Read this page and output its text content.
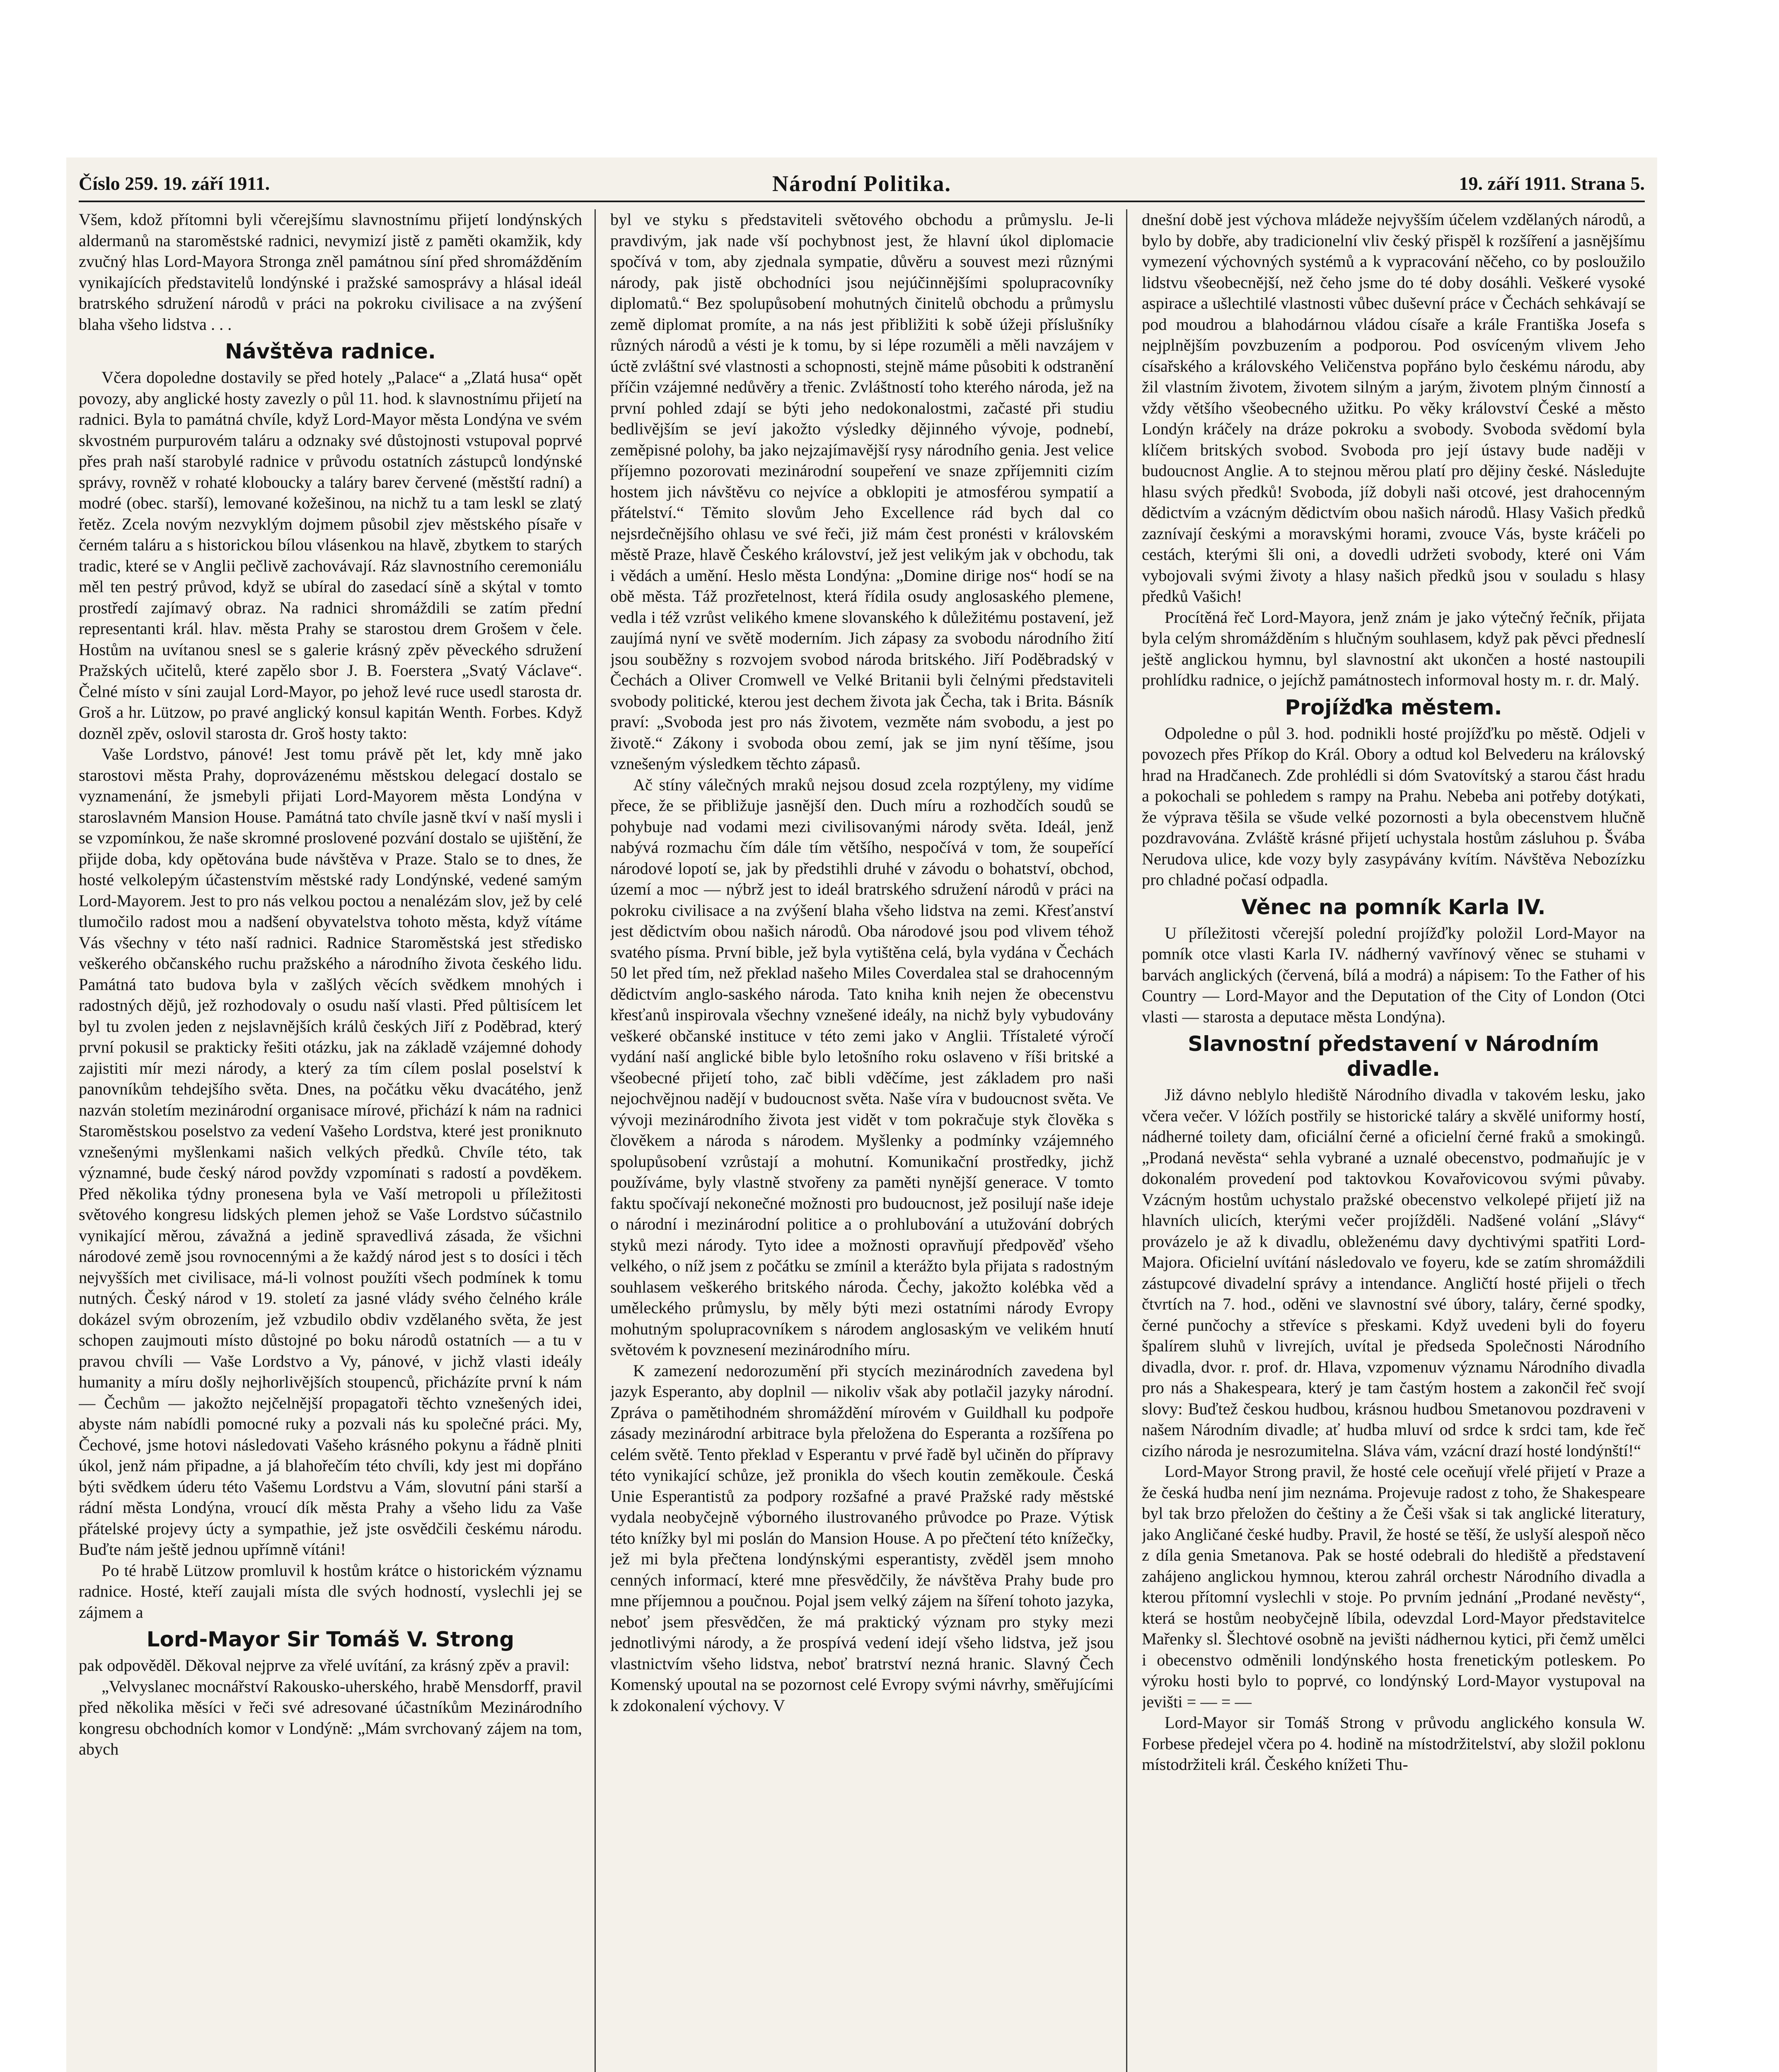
Číslo 259. 19. září 1911.	Národní Politika.	19. září 1911. Strana 5.

Všem, kdož přítomni byli včerejšímu slavnostnímu přijetí londýnských aldermanů na staroměstské radnici, nevymizí jistě z paměti okamžik, kdy zvučný hlas Lord-Mayora Stronga zněl památnou síní před shromážděním vynikajících představitelů londýnské i pražské samosprávy a hlásal ideál bratrského sdružení národů v práci na pokroku civilisace a na zvýšení blaha všeho lidstva . . .

Návštěva radnice.

Včera dopoledne dostavily se před hotely „Palace“ a „Zlatá husa“ opět povozy, aby anglické hosty zavezly o půl 11. hod. k slavnostnímu přijetí na radnici. Byla to památná chvíle, když Lord-Mayor města Londýna ve svém skvostném purpurovém taláru a odznaky své důstojnosti vstupoval poprvé přes prah naší starobylé radnice v průvodu ostatních zástupců londýnské správy, rovněž v rohaté kloboucky a taláry barev červené (městští radní) a modré (obec. starší), lemované kožešinou, na nichž tu a tam leskl se zlatý řetěz. Zcela novým nezvyklým dojmem působil zjev městského písaře v černém taláru a s historickou bílou vlásenkou na hlavě, zbytkem to starých tradic, které se v Anglii pečlivě zachovávají. Ráz slavnostního ceremoniálu měl ten pestrý průvod, když se ubíral do zasedací síně a skýtal v tomto prostředí zajímavý obraz. Na radnici shromáždili se zatím přední representanti král. hlav. města Prahy se starostou drem Grošem v čele. Hostům na uvítanou snesl se s galerie krásný zpěv pěveckého sdružení Pražských učitelů, které zapělo sbor J. B. Foerstera „Svatý Václave“. Čelné místo v síni zaujal Lord-Mayor, po jehož levé ruce usedl starosta dr. Groš a hr. Lützow, po pravé anglický konsul kapitán Wenth. Forbes. Když dozněl zpěv, oslovil starosta dr. Groš hosty takto:

Vaše Lordstvo, pánové! Jest tomu právě pět let, kdy mně jako starostovi města Prahy, doprovázenému městskou delegací dostalo se vyznamenání, že jsmebyli přijati Lord-Mayorem města Londýna v staroslavném Mansion House. Památná tato chvíle jasně tkví v naší mysli i se vzpomínkou, že naše skromné proslovené pozvání dostalo se ujištění, že přijde doba, kdy opětována bude návštěva v Praze. Stalo se to dnes, že hosté velkolepým účastenstvím městské rady Londýnské, vedené samým Lord-Mayorem. Jest to pro nás velkou poctou a nenalézám slov, jež by celé tlumočilo radost mou a nadšení obyvatelstva tohoto města, když vítáme Vás všechny v této naší radnici. Radnice Staroměstská jest středisko veškerého občanského ruchu pražského a národního života českého lidu. Památná tato budova byla v zašlých věcích svědkem mnohých i radostných dějů, jež rozhodovaly o osudu naší vlasti. Před půltisícem let byl tu zvolen jeden z nejslavnějších králů českých Jiří z Poděbrad, který první pokusil se prakticky řešiti otázku, jak na základě vzájemné dohody zajistiti mír mezi národy, a který za tím cílem poslal poselství k panovníkům tehdejšího světa. Dnes, na počátku věku dvacátého, jenž nazván stoletím mezinárodní organisace mírové, přichází k nám na radnici Staroměstskou poselstvo za vedení Vašeho Lordstva, které jest proniknuto vznešenými myšlenkami našich velkých předků. Chvíle této, tak významné, bude český národ povždy vzpomínati s radostí a povděkem. Před několika týdny pronesena byla ve Vaší metropoli u příležitosti světového kongresu lidských plemen jehož se Vaše Lordstvo súčastnilo vynikající měrou, závažná a jedině spravedlivá zásada, že všichni národové země jsou rovnocennými a že každý národ jest s to dosíci i těch nejvyšších met civilisace, má-li volnost použíti všech podmínek k tomu nutných. Český národ v 19. století za jasné vlády svého čelného krále dokázel svým obrozením, jež vzbudilo obdiv vzdělaného světa, že jest schopen zaujmouti místo důstojné po boku národů ostatních — a tu v pravou chvíli — Vaše Lordstvo a Vy, pánové, v jichž vlasti ideály humanity a míru došly nejhorlivějších stoupenců, přicházíte první k nám — Čechům — jakožto nejčelnější propagatoři těchto vznešených idei, abyste nám nabídli pomocné ruky a pozvali nás ku společné práci. My, Čechové, jsme hotovi následovati Vašeho krásného pokynu a řádně plniti úkol, jenž nám připadne, a já blahořečím této chvíli, kdy jest mi dopřáno býti svědkem úderu této Vašemu Lordstvu a Vám, slovutní páni starší a rádní města Londýna, vroucí dík města Prahy a všeho lidu za Vaše přátelské projevy úcty a sympathie, jež jste osvědčili českému národu. Buďte nám ještě jednou upřímně vítáni!

Po té hrabě Lützow promluvil k hostům krátce o historickém významu radnice. Hosté, kteří zaujali místa dle svých hodností, vyslechli jej se zájmem a

Lord-Mayor Sir Tomáš V. Strong

pak odpověděl. Děkoval nejprve za vřelé uvítání, za krásný zpěv a pravil:

„Velvyslanec mocnářství Rakousko-uherského, hrabě Mensdorff, pravil před několika měsíci v řeči své adresované účastníkům Mezinárodního kongresu obchodních komor v Londýně: „Mám svrchovaný zájem na tom, abych

byl ve styku s představiteli světového obchodu a průmyslu. Je-li pravdivým, jak nade vší pochybnost jest, že hlavní úkol diplomacie spočívá v tom, aby zjednala sympatie, důvěru a souvest mezi různými národy, pak jistě obchodníci jsou nejúčinnějšími spolupracovníky diplomatů.“ Bez spolupůsobení mohutných činitelů obchodu a průmyslu země diplomat promíte, a na nás jest přibližiti k sobě úžeji příslušníky různých národů a vésti je k tomu, by si lépe rozuměli a měli navzájem v úctě zvláštní své vlastnosti a schopnosti, stejně máme působiti k odstranění příčin vzájemné nedůvěry a třenic. Zvláštností toho kterého národa, jež na první pohled zdají se býti jeho nedokonalostmi, začasté při studiu bedlivějším se jeví jakožto výsledky dějinného vývoje, podnebí, zeměpisné polohy, ba jako nejzajímavější rysy národního genia. Jest velice příjemno pozorovati mezinárodní soupeření ve snaze zpříjemniti cizím hostem jich návštěvu co nejvíce a obklopiti je atmosférou sympatií a přátelství.“ Těmito slovům Jeho Excellence rád bych dal co nejsrdečnějšího ohlasu ve své řeči, již mám čest pronésti v královském městě Praze, hlavě Českého království, jež jest velikým jak v obchodu, tak i vědách a umění. Heslo města Londýna: „Domine dirige nos“ hodí se na obě města. Táž prozřetelnost, která řídila osudy anglosaského plemene, vedla i též vzrůst velikého kmene slovanského k důležitému postavení, jež zaujímá nyní ve světě moderním. Jich zápasy za svobodu národního žití jsou souběžny s rozvojem svobod národa britského. Jiří Poděbradský v Čechách a Oliver Cromwell ve Velké Britanii byli čelnými představiteli svobody politické, kterou jest dechem života jak Čecha, tak i Brita. Básník praví: „Svoboda jest pro nás životem, vezměte nám svobodu, a jest po životě.“ Zákony i svoboda obou zemí, jak se jim nyní těšíme, jsou vznešeným výsledkem těchto zápasů.

Ač stíny válečných mraků nejsou dosud zcela rozptýleny, my vidíme přece, že se přibližuje jasnější den. Duch míru a rozhodčích soudů se pohybuje nad vodami mezi civilisovanými národy světa. Ideál, jenž nabývá rozmachu čím dále tím většího, nespočívá v tom, že soupeřící národové lopotí se, jak by předstihli druhé v závodu o bohatství, obchod, území a moc — nýbrž jest to ideál bratrského sdružení národů v práci na pokroku civilisace a na zvýšení blaha všeho lidstva na zemi. Křesťanství jest dědictvím obou našich národů. Oba národové jsou pod vlivem téhož svatého písma. První bible, jež byla vytištěna celá, byla vydána v Čechách 50 let před tím, než překlad našeho Miles Coverdalea stal se drahocenným dědictvím anglo-saského národa. Tato kniha knih nejen že obecenstvu křesťanů inspirovala všechny vznešené ideály, na nichž byly vybudovány veškeré občanské instituce v této zemi jako v Anglii. Třístaleté výročí vydání naší anglické bible bylo letošního roku oslaveno v říši britské a všeobecné přijetí toho, zač bibli vděčíme, jest základem pro naši nejochvějnou nadějí v budoucnost světa. Naše víra v budoucnost světa. Ve vývoji mezinárodního života jest vidět v tom pokračuje styk člověka s člověkem a národa s národem. Myšlenky a podmínky vzájemného spolupůsobení vzrůstají a mohutní. Komunikační prostředky, jichž používáme, byly vlastně stvořeny za paměti nynější generace. V tomto faktu spočívají nekonečné možnosti pro budoucnost, jež posilují naše ideje o národní i mezinárodní politice a o prohlubování a utužování dobrých styků mezi národy. Tyto idee a možnosti opravňují předpověď všeho velkého, o níž jsem z počátku se zmínil a kterážto byla přijata s radostným souhlasem veškerého britského národa. Čechy, jakožto kolébka věd a uměleckého průmyslu, by měly býti mezi ostatními národy Evropy mohutným spolupracovníkem s národem anglosaským ve velikém hnutí světovém k povznesení mezinárodního míru.

K zamezení nedorozumění při stycích mezinárodních zavedena byl jazyk Esperanto, aby doplnil — nikoliv však aby potlačil jazyky národní. Zpráva o pamětihodném shromáždění mírovém v Guildhall ku podpoře zásady mezinárodní arbitrace byla přeložena do Esperanta a rozšířena po celém světě. Tento překlad v Esperantu v prvé řadě byl učiněn do přípravy této vynikající schůze, jež pronikla do všech koutin zeměkoule. Česká Unie Esperantistů za podpory rozšafné a pravé Pražské rady městské vydala neobyčejně výborného ilustrovaného průvodce po Praze. Výtisk této knížky byl mi poslán do Mansion House. A po přečtení této knížečky, jež mi byla přečtena londýnskými esperantisty, zvěděl jsem mnoho cenných informací, které mne přesvědčily, že návštěva Prahy bude pro mne příjemnou a poučnou. Pojal jsem velký zájem na šíření tohoto jazyka, neboť jsem přesvědčen, že má praktický význam pro styky mezi jednotlivými národy, a že prospívá vedení idejí všeho lidstva, jež jsou vlastnictvím všeho lidstva, neboť bratrství nezná hranic. Slavný Čech Komenský upoutal na se pozornost celé Evropy svými návrhy, směřujícími k zdokonalení výchovy. V

dnešní době jest výchova mládeže nejvyšším účelem vzdělaných národů, a bylo by dobře, aby tradicionelní vliv český přispěl k rozšíření a jasnějšímu vymezení výchovných systémů a k vypracování něčeho, co by posloužilo lidstvu všeobecnější, než čeho jsme do té doby dosáhli. Veškeré vysoké aspirace a ušlechtilé vlastnosti vůbec duševní práce v Čechách sehkávají se pod moudrou a blahodárnou vládou císaře a krále Františka Josefa s nejplnějším povzbuzením a podporou. Pod osvíceným vlivem Jeho císařského a královského Veličenstva popřáno bylo českému národu, aby žil vlastním životem, životem silným a jarým, životem plným činností a vždy většího všeobecného užitku. Po věky království České a město Londýn kráčely na dráze pokroku a svobody. Svoboda svědomí byla klíčem britských svobod. Svoboda pro její ústavy bude naději v budoucnost Anglie. A to stejnou měrou platí pro dějiny české. Následujte hlasu svých předků! Svoboda, jíž dobyli naši otcové, jest drahocenným dědictvím a vzácným dědictvím obou našich národů. Hlasy Vašich předků zaznívají českými a moravskými horami, zvouce Vás, byste kráčeli po cestách, kterými šli oni, a dovedli udržeti svobody, které oni Vám vybojovali svými životy a hlasy našich předků jsou v souladu s hlasy předků Vašich!

Procítěná řeč Lord-Mayora, jenž znám je jako výtečný řečník, přijata byla celým shromážděním s hlučným souhlasem, když pak pěvci předneslí ještě anglickou hymnu, byl slavnostní akt ukončen a hosté nastoupili prohlídku radnice, o jejíchž památnostech informoval hosty m. r. dr. Malý.

Projížďka městem.

Odpoledne o půl 3. hod. podnikli hosté projížďku po městě. Odjeli v povozech přes Příkop do Král. Obory a odtud kol Belvederu na královský hrad na Hradčanech. Zde prohlédli si dóm Svatovítský a starou část hradu a pokochali se pohledem s rampy na Prahu. Nebeba ani potřeby dotýkati, že výprava těšila se všude velké pozornosti a byla obecenstvem hlučně pozdravována. Zvláště krásné přijetí uchystala hostům zásluhou p. Švába Nerudova ulice, kde vozy byly zasypávány kvítím. Návštěva Nebozízku pro chladné počasí odpadla.

Věnec na pomník Karla IV.

U příležitosti včerejší polední projížďky položil Lord-Mayor na pomník otce vlasti Karla IV. nádherný vavřínový věnec se stuhami v barvách anglických (červená, bílá a modrá) a nápisem: To the Father of his Country — Lord-Mayor and the Deputation of the City of London (Otci vlasti — starosta a deputace města Londýna).

Slavnostní představení v Národním divadle.

Již dávno neblylo hlediště Národního divadla v takovém lesku, jako včera večer. V lóžích postřily se historické taláry a skvělé uniformy hostí, nádherné toilety dam, oficiální černé a oficielní černé fraků a smokingů. „Prodaná nevěsta“ sehla vybrané a uznalé obecenstvo, podmaňujíc je v dokonalém provedení pod taktovkou Kovařovicovou svými půvaby. Vzácným hostům uchystalo pražské obecenstvo velkolepé přijetí již na hlavních ulicích, kterými večer projížděli. Nadšené volání „Slávy“ provázelo je až k divadlu, obleženému davy dychtivými spatřiti Lord-Majora. Oficielní uvítání následovalo ve foyeru, kde se zatím shromáždili zástupcové divadelní správy a intendance. Angličtí hosté přijeli o třech čtvrtích na 7. hod., oděni ve slavnostní své úbory, taláry, černé spodky, černé punčochy a střevíce s přeskami. Když uvedeni byli do foyeru špalírem sluhů v livrejích, uvítal je předseda Společnosti Národního divadla, dvor. r. prof. dr. Hlava, vzpomenuv významu Národního divadla pro nás a Shakespeara, který je tam častým hostem a zakončil řeč svojí slovy: Buďtež českou hudbou, krásnou hudbou Smetanovou pozdraveni v našem Národním divadle; ať hudba mluví od srdce k srdci tam, kde řeč cizího národa je nesrozumitelna. Sláva vám, vzácní drazí hosté londýnští!“

Lord-Mayor Strong pravil, že hosté cele oceňují vřelé přijetí v Praze a že česká hudba není jim neznáma. Projevuje radost z toho, že Shakespeare byl tak brzo přeložen do češtiny a že Češi však si tak anglické literatury, jako Angličané české hudby. Pravil, že hosté se těší, že uslyší alespoň něco z díla genia Smetanova. Pak se hosté odebrali do hlediště a představení zahájeno anglickou hymnou, kterou zahrál orchestr Národního divadla a kterou přítomní vyslechli v stoje. Po prvním jednání „Prodané nevěsty“, která se hostům neobyčejně líbila, odevzdal Lord-Mayor představitelce Mařenky sl. Šlechtové osobně na jevišti nádhernou kytici, při čemž umělci i obecenstvo odměnili londýnského hosta frenetickým potleskem. Po výroku hosti bylo to poprvé, co londýnský Lord-Mayor vystupoval na jevišti = — = —

Lord-Mayor sir Tomáš Strong v průvodu anglického konsula W. Forbese předejel včera po 4. hodině na místodržitelství, aby složil poklonu místodržiteli král. Českého knížeti Thu-
